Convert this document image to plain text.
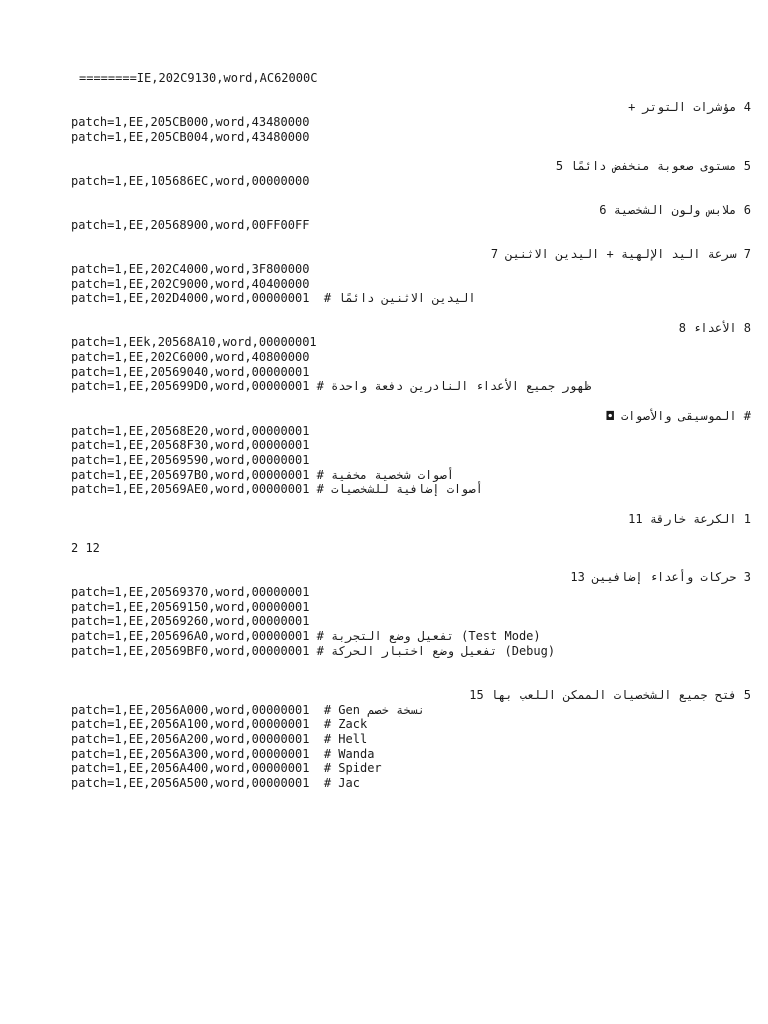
========IE,202C9130,word,AC62000C
4 مؤشرات التوتر +
patch=1,EE,205CB000,word,43480000
patch=1,EE,205CB004,word,43480000
5 مستوى صعوبة منخفض دائمًا 5
patch=1,EE,105686EC,word,00000000
6 ملابس ولون الشخصية 6
patch=1,EE,20568900,word,00FF00FF
7 سرعة اليد الإلهية + اليدين الاثنين 7
patch=1,EE,202C4000,word,3F800000
patch=1,EE,202C9000,word,40400000
patch=1,EE,202D4000,word,00000001  # اليدين الاثنين دائمًا
8 الأعداء 8
patch=1,EEk,20568A10,word,00000001
patch=1,EE,202C6000,word,40800000
patch=1,EE,20569040,word,00000001
patch=1,EE,205699D0,word,00000001 # ظهور جميع الأعداء النادرين دفعة واحدة
# الموسيقى والأصوات ◘
patch=1,EE,20568E20,word,00000001
patch=1,EE,20568F30,word,00000001
patch=1,EE,20569590,word,00000001
patch=1,EE,205697B0,word,00000001 # أصوات شخصية مخفية
patch=1,EE,20569AE0,word,00000001 # أصوات إضافية للشخصيات
1 الكرعة خارقة 11
2 12
3 حركات وأعداء إضافيين 13
patch=1,EE,20569370,word,00000001
patch=1,EE,20569150,word,00000001
patch=1,EE,20569260,word,00000001
patch=1,EE,205696A0,word,00000001 # تفعيل وضع التجربة (Test Mode)
patch=1,EE,20569BF0,word,00000001 # تفعيل وضع اختبار الحركة (Debug)
5 فتح جميع الشخصيات الممكن اللعب بها 15
patch=1,EE,2056A000,word,00000001  # Gen نسخة خصم
patch=1,EE,2056A100,word,00000001  # Zack
patch=1,EE,2056A200,word,00000001  # Hell
patch=1,EE,2056A300,word,00000001  # Wanda
patch=1,EE,2056A400,word,00000001  # Spider
patch=1,EE,2056A500,word,00000001  # Jac
